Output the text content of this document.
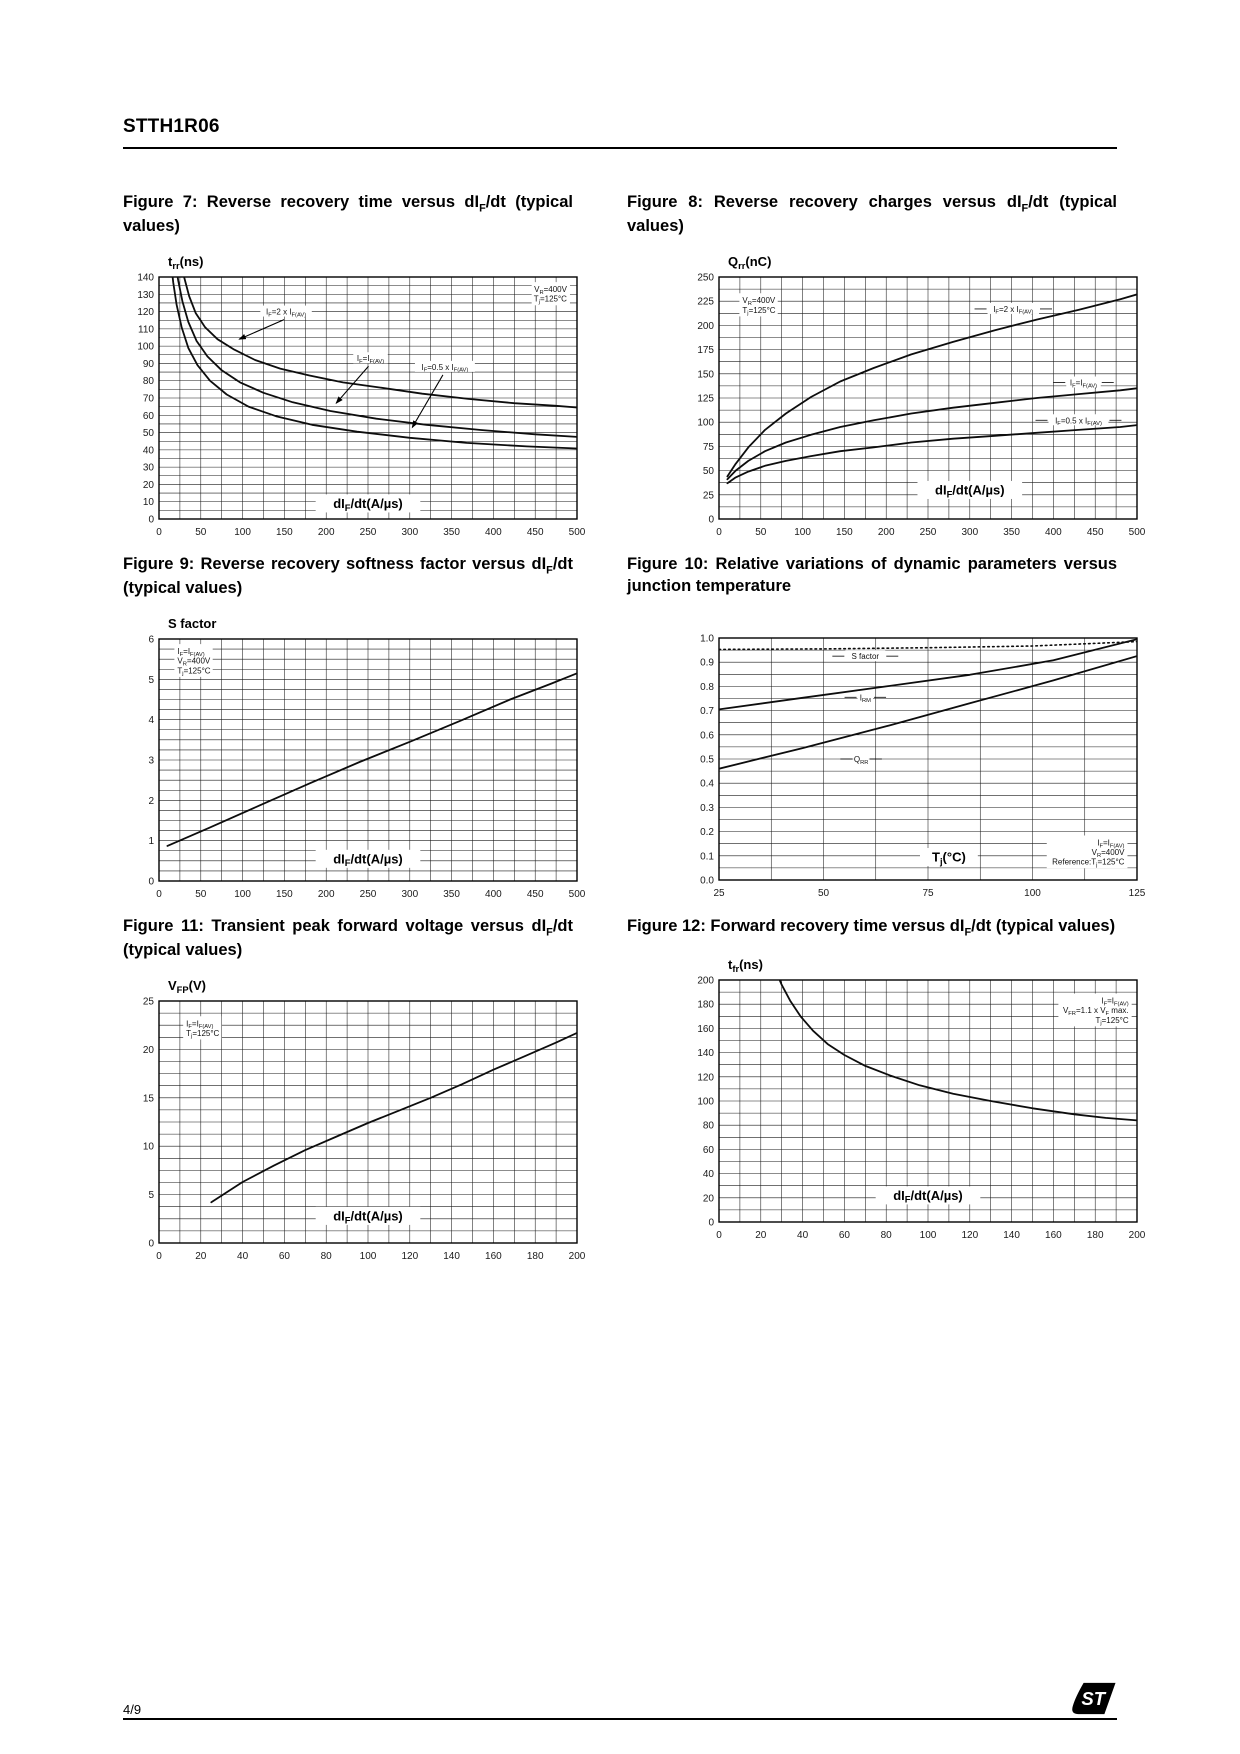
STTH1R06
Figure 7: Reverse recovery time versus $dI_F/dt$ (typical values)
$I_F=2$ x $I_{F(AV)}$
$I_F=I_{F(AV)}$
$I_F=0.5$ x $I_{F(AV)}$
$V_R=400V$
$T_j=125^\circ C$
$dI_F/dt(A/\mu s)$
$t_{rr}(ns)$
0	50	100	150	200	250	300	350	400	450	500
0
10
20
30
40
50
60
70
80
90
100
110
120
130
140
Figure 8: Reverse recovery charges versus $dI_F/dt$ (typical values)
$I_F=2$ x $I_{F(AV)}$
$I_F=I_{F(AV)}$
$I_F=0.5$ x $I_{F(AV)}$
$V_R=400V$
$T_j=125^\circ C$
$dI_F/dt(A/\mu s)$
$Q_{rr}(nC)$
0	50	100	150	200	250	300	350	400	450	500
0
25
50
75
100
125
150
175
200
225
250
Figure 9: Reverse recovery softness factor versus $dI_F/dt$ (typical values)
$I_F=I_{F(AV)}$
$V_R=400V$
$T_j=125^\circ C$
$dI_F/dt(A/\mu s)$
S factor
0	50	100	150	200	250	300	350	400	450	500
0
1
2
3
4
5
6
Figure 10: Relative variations of dynamic parameters versus junction temperature
S factor
$I_{RM}$
$Q_{RR}$
$I_F=I_{F(AV)}$
$V_R=400V$
$Reference:T_j=125^\circ C$
$T_j(^\circ C)$
25	50	75	100	125
0.0
0.1
0.2
0.3
0.4
0.5
0.6
0.7
0.8
0.9
1.0
Figure 11: Transient peak forward voltage versus $dI_F/dt$ (typical values)
$I_F=I_{F(AV)}$
$T_j=125^\circ C$
$dI_F/dt(A/\mu s)$
$V_{FP}(V)$
0	20	40	60	80	100	120	140	160	180	200
0
5
10
15
20
25
Figure 12: Forward recovery time versus $dI_F/dt$ (typical values)
$I_F=I_{F(AV)}$
$V_{FR}=1.1$ x $V_F$ max.
$T_j=125^\circ C$
$dI_F/dt(A/\mu s)$
$t_{fr}(ns)$
0	20	40	60	80	100	120	140	160	180	200
0
20
40
60
80
100
120
140
160
180
200
4/9
ST
